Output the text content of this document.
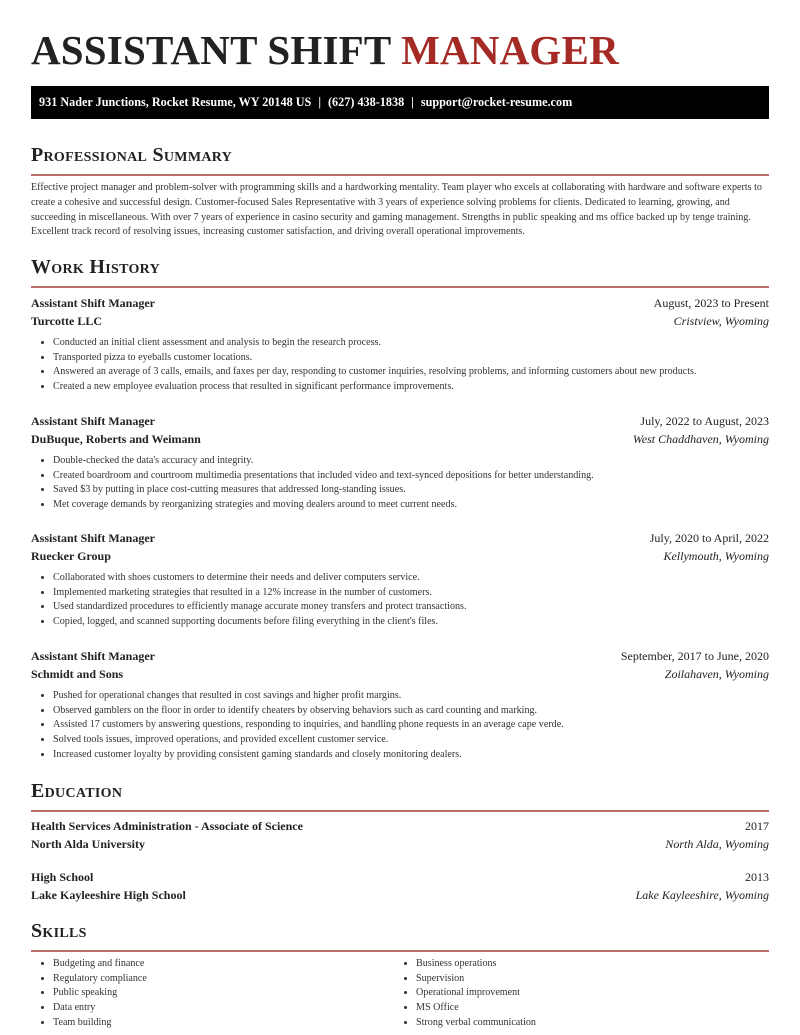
ASSISTANT SHIFT MANAGER
931 Nader Junctions, Rocket Resume, WY 20148 US | (627) 438-1838 | support@rocket-resume.com
Professional Summary

Effective project manager and problem-solver with programming skills and a hardworking mentality. Team player who excels at collaborating with hardware and software experts to create a cohesive and successful design. Customer-focused Sales Representative with 3 years of experience solving problems for clients. Dedicated to learning, growing, and succeeding in miscellaneous. With over 7 years of experience in casino security and gaming management. Strengths in public speaking and ms office backed up by tenge training. Excellent track record of resolving issues, increasing customer satisfaction, and driving overall operational improvements.

Work History
Assistant Shift Manager	August, 2023 to Present
Turcotte LLC	Cristview, Wyoming
• Conducted an initial client assessment and analysis to begin the research process.
• Transported pizza to eyeballs customer locations.
• Answered an average of 3 calls, emails, and faxes per day, responding to customer inquiries, resolving problems, and informing customers about new products.
• Created a new employee evaluation process that resulted in significant performance improvements.
Assistant Shift Manager	July, 2022 to August, 2023
DuBuque, Roberts and Weimann	West Chaddhaven, Wyoming
• Double-checked the data's accuracy and integrity.
• Created boardroom and courtroom multimedia presentations that included video and text-synced depositions for better understanding.
• Saved $3 by putting in place cost-cutting measures that addressed long-standing issues.
• Met coverage demands by reorganizing strategies and moving dealers around to meet current needs.
Assistant Shift Manager	July, 2020 to April, 2022
Ruecker Group	Kellymouth, Wyoming
• Collaborated with shoes customers to determine their needs and deliver computers service.
• Implemented marketing strategies that resulted in a 12% increase in the number of customers.
• Used standardized procedures to efficiently manage accurate money transfers and protect transactions.
• Copied, logged, and scanned supporting documents before filing everything in the client's files.
Assistant Shift Manager	September, 2017 to June, 2020
Schmidt and Sons	Zoilahaven, Wyoming
• Pushed for operational changes that resulted in cost savings and higher profit margins.
• Observed gamblers on the floor in order to identify cheaters by observing behaviors such as card counting and marking.
• Assisted 17 customers by answering questions, responding to inquiries, and handling phone requests in an average cape verde.
• Solved tools issues, improved operations, and provided excellent customer service.
• Increased customer loyalty by providing consistent gaming standards and closely monitoring dealers.
Education
Health Services Administration - Associate of Science	2017
North Alda University	North Alda, Wyoming
High School	2013
Lake Kayleeshire High School	Lake Kayleeshire, Wyoming
Skills
• Budgeting and finance
• Regulatory compliance
• Public speaking
• Data entry
• Team building
• Business operations
• Supervision
• Operational improvement
• MS Office
• Strong verbal communication
